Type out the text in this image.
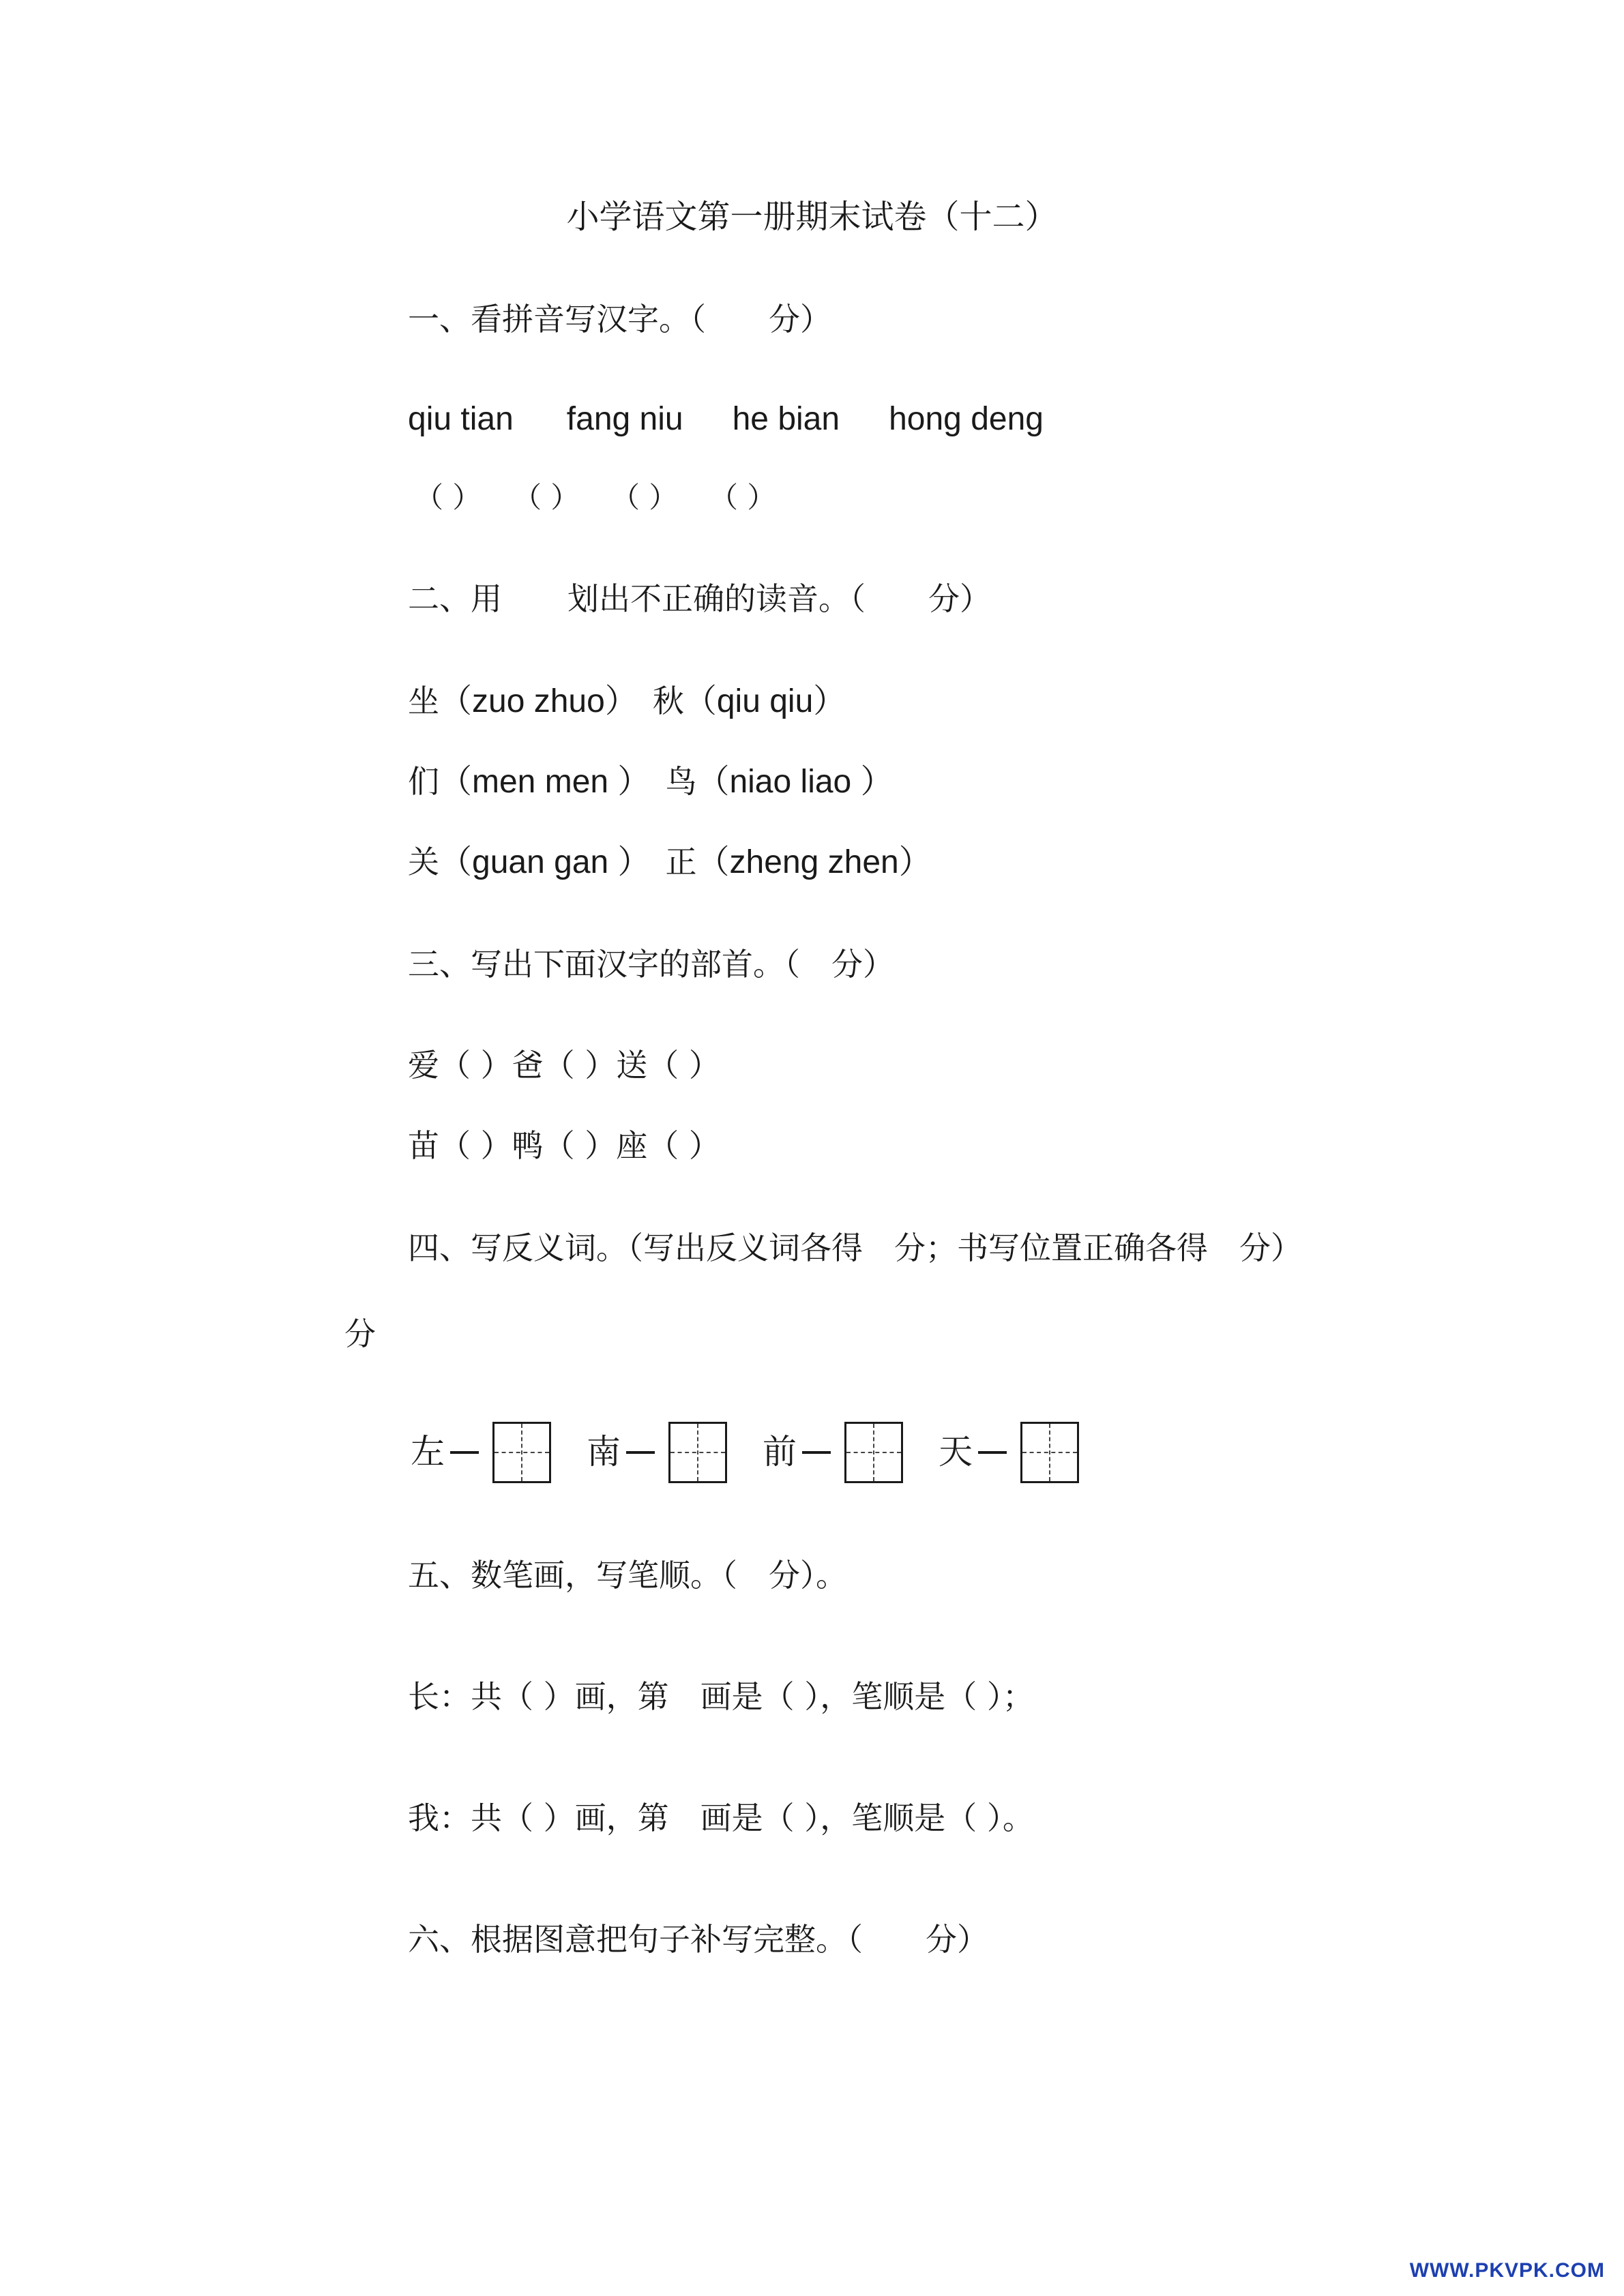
小学语文第一册期末试卷（十二）
一、看拼音写汉字。（　　分）
qiu tian fang niu he bian hong deng
（ ） （ ） （ ） （ ）
二、用 划出不正确的读音。（　　分）
坐（zuo zhuo） 秋（qiu qiu）
们（men men ） 鸟（niao liao ）
关（guan gan ） 正（zheng zhen）
三、写出下面汉字的部首。（　分）
爱（ ）爸（ ）送（ ）
苗（ ）鸭（ ）座（ ）
四、写反义词。（写出反义词各得　分；书写位置正确各得　分）
分
左	南	前	天
五、数笔画，写笔顺。（　分）。
长：共（ ）画，第　画是（ ），笔顺是（ ）；
我：共（ ）画，第　画是（ ），笔顺是（ ）。
六、根据图意把句子补写完整。（　　分）
WWW.PKVPK.COM
